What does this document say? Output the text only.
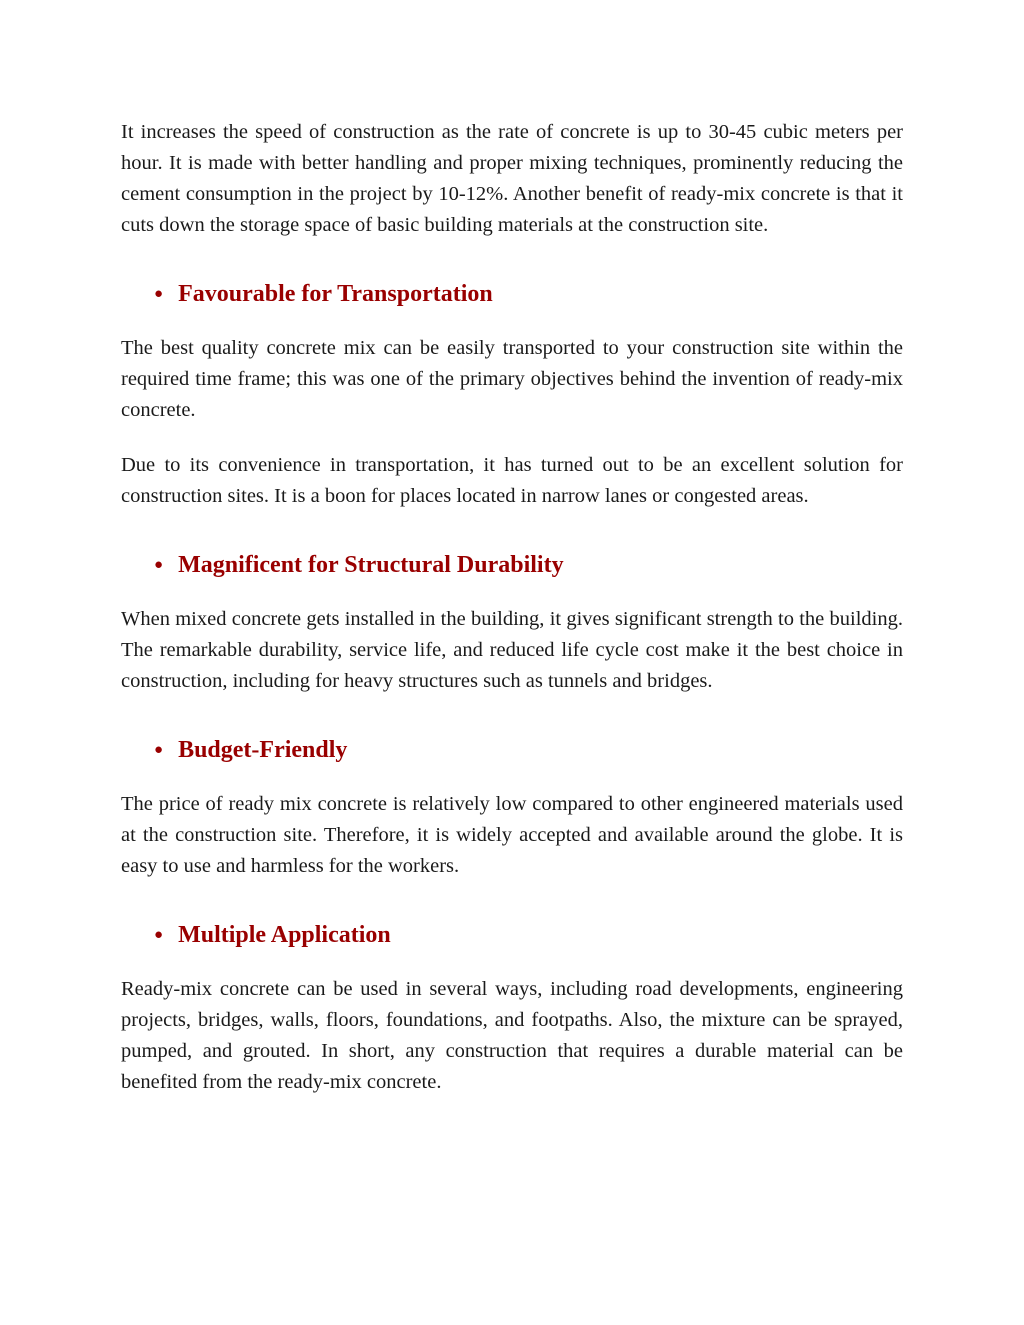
It increases the speed of construction as the rate of concrete is up to 30-45 cubic meters per hour. It is made with better handling and proper mixing techniques, prominently reducing the cement consumption in the project by 10-12%. Another benefit of ready-mix concrete is that it cuts down the storage space of basic building materials at the construction site.

● Favourable for Transportation

The best quality concrete mix can be easily transported to your construction site within the required time frame; this was one of the primary objectives behind the invention of ready-mix concrete.

Due to its convenience in transportation, it has turned out to be an excellent solution for construction sites. It is a boon for places located in narrow lanes or congested areas.

● Magnificent for Structural Durability

When mixed concrete gets installed in the building, it gives significant strength to the building. The remarkable durability, service life, and reduced life cycle cost make it the best choice in construction, including for heavy structures such as tunnels and bridges.

● Budget-Friendly

The price of ready mix concrete is relatively low compared to other engineered materials used at the construction site. Therefore, it is widely accepted and available around the globe. It is easy to use and harmless for the workers.

● Multiple Application

Ready-mix concrete can be used in several ways, including road developments, engineering projects, bridges, walls, floors, foundations, and footpaths. Also, the mixture can be sprayed, pumped, and grouted. In short, any construction that requires a durable material can be benefited from the ready-mix concrete.
